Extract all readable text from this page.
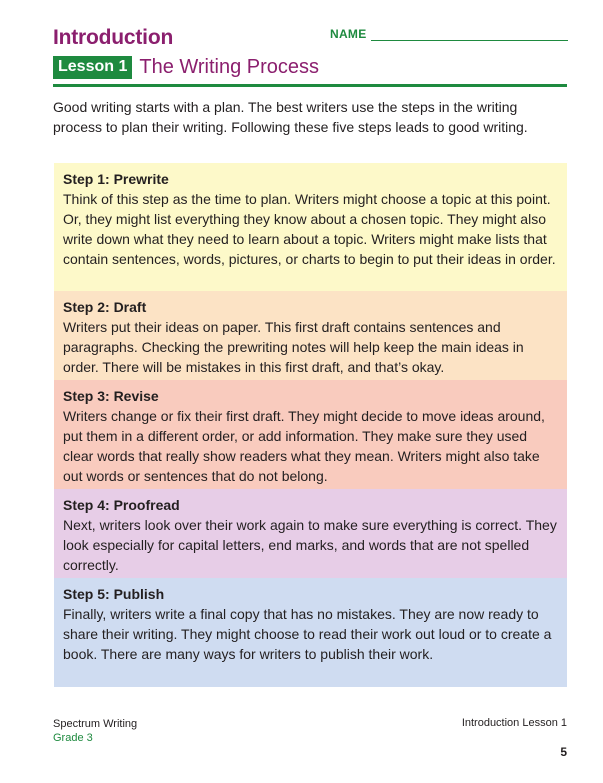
Introduction	NAME
Lesson 1 The Writing Process

Good writing starts with a plan. The best writers use the steps in the writing process to plan their writing. Following these five steps leads to good writing.

Step 1: Prewrite
Think of this step as the time to plan. Writers might choose a topic at this point. Or, they might list everything they know about a chosen topic. They might also write down what they need to learn about a topic. Writers might make lists that contain sentences, words, pictures, or charts to begin to put their ideas in order.
Step 2: Draft
Writers put their ideas on paper. This first draft contains sentences and paragraphs. Checking the prewriting notes will help keep the main ideas in order. There will be mistakes in this first draft, and that’s okay.
Step 3: Revise
Writers change or fix their first draft. They might decide to move ideas around, put them in a different order, or add information. They make sure they used clear words that really show readers what they mean. Writers might also take out words or sentences that do not belong.
Step 4: Proofread
Next, writers look over their work again to make sure everything is correct. They look especially for capital letters, end marks, and words that are not spelled correctly.
Step 5: Publish
Finally, writers write a final copy that has no mistakes. They are now ready to share their writing. They might choose to read their work out loud or to create a book. There are many ways for writers to publish their work.
Spectrum Writing
Grade 3
Introduction Lesson 1
5
